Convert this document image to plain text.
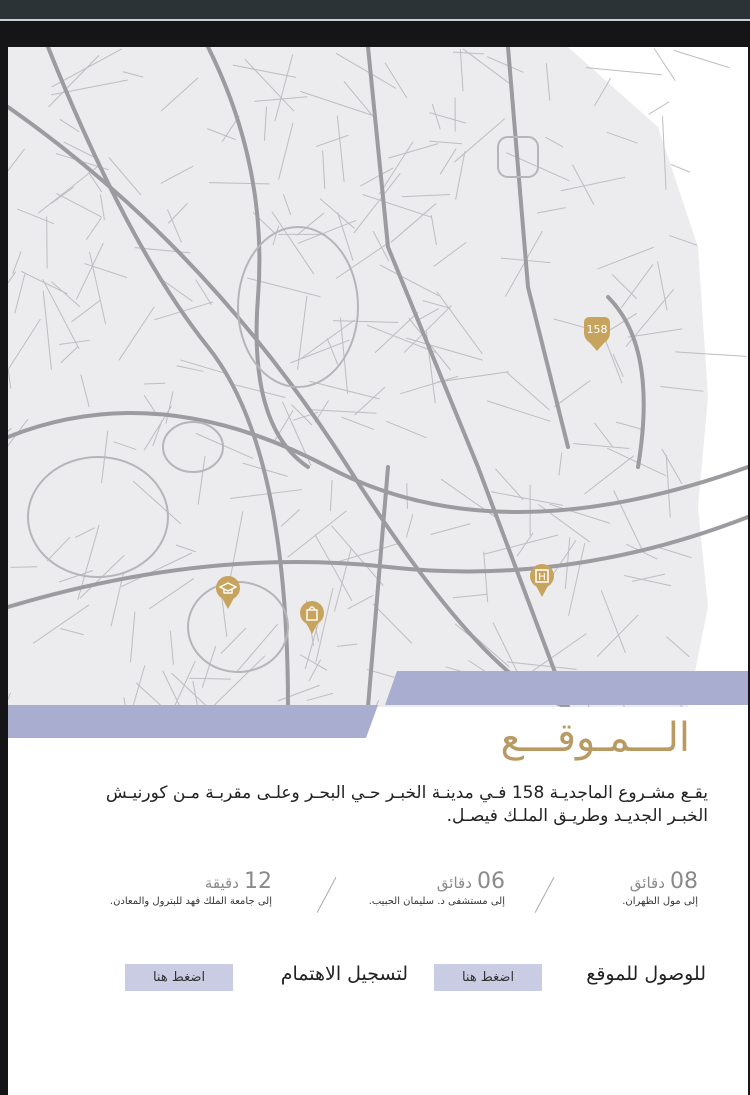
158
H
الـــمـوقـــع
يقـع مشـروع الماجديـة 158 فـي مدينـة الخبـر حـي البحـر وعلـى مقربـة مـن كورنيـش
الخبـر الجديـد وطريـق الملـك فيصـل.
08 دقائق
إلى مول الظهران.
06 دقائق
إلى مستشفى د. سليمان الحبيب.
12 دقيقة
إلى جامعة الملك فهد للبترول والمعادن.
للوصول للموقع
اضغط هنا
لتسجيل الاهتمام
اضغط هنا
